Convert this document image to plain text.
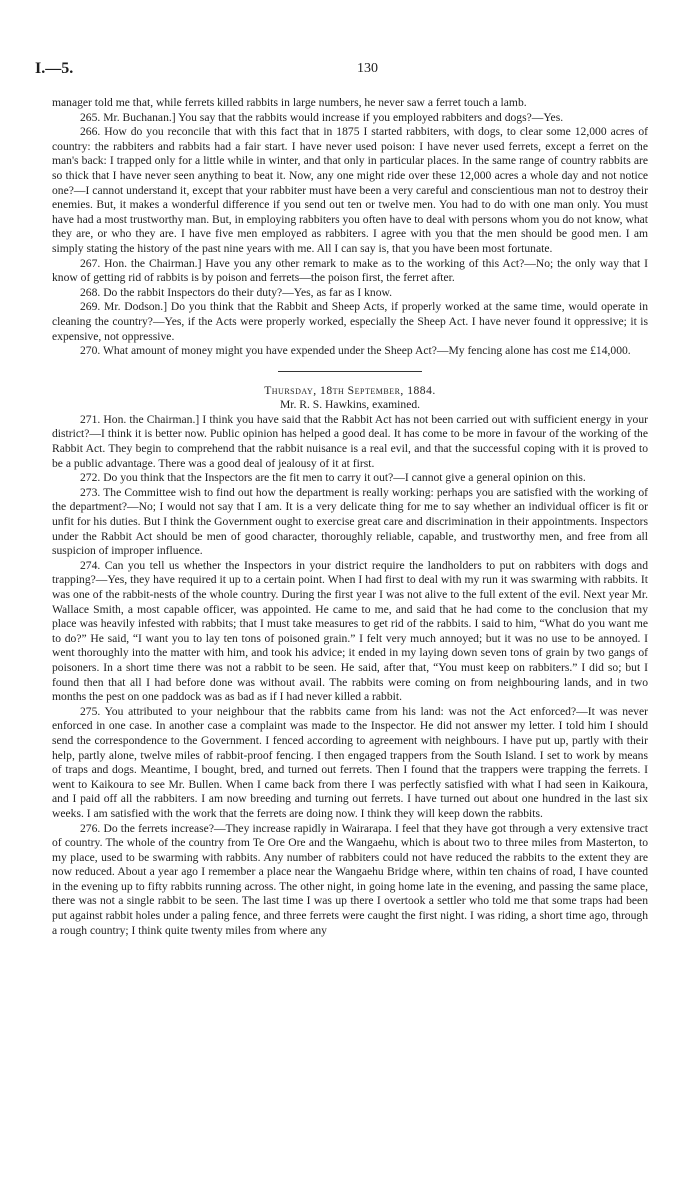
I.—5.	130

manager told me that, while ferrets killed rabbits in large numbers, he never saw a ferret touch a lamb.

265. Mr. Buchanan.] You say that the rabbits would increase if you employed rabbiters and dogs?—Yes.

266. How do you reconcile that with this fact that in 1875 I started rabbiters, with dogs, to clear some 12,000 acres of country: the rabbiters and rabbits had a fair start. I have never used poison: I have never used ferrets, except a ferret on the man's back: I trapped only for a little while in winter, and that only in particular places. In the same range of country rabbits are so thick that I have never seen anything to beat it. Now, any one might ride over these 12,000 acres a whole day and not notice one?—I cannot understand it, except that your rabbiter must have been a very careful and conscientious man not to destroy their enemies. But, it makes a wonderful difference if you send out ten or twelve men. You had to do with one man only. You must have had a most trustworthy man. But, in employing rabbiters you often have to deal with persons whom you do not know, what they are, or who they are. I have five men employed as rabbiters. I agree with you that the men should be good men. I am simply stating the history of the past nine years with me. All I can say is, that you have been most fortunate.

267. Hon. the Chairman.] Have you any other remark to make as to the working of this Act?—No; the only way that I know of getting rid of rabbits is by poison and ferrets—the poison first, the ferret after.

268. Do the rabbit Inspectors do their duty?—Yes, as far as I know.

269. Mr. Dodson.] Do you think that the Rabbit and Sheep Acts, if properly worked at the same time, would operate in cleaning the country?—Yes, if the Acts were properly worked, especially the Sheep Act. I have never found it oppressive; it is expensive, not oppressive.

270. What amount of money might you have expended under the Sheep Act?—My fencing alone has cost me £14,000.

Thursday, 18th September, 1884.

Mr. R. S. Hawkins, examined.

271. Hon. the Chairman.] I think you have said that the Rabbit Act has not been carried out with sufficient energy in your district?—I think it is better now. Public opinion has helped a good deal. It has come to be more in favour of the working of the Rabbit Act. They begin to comprehend that the rabbit nuisance is a real evil, and that the successful coping with it is proved to be a public advantage. There was a good deal of jealousy of it at first.

272. Do you think that the Inspectors are the fit men to carry it out?—I cannot give a general opinion on this.

273. The Committee wish to find out how the department is really working: perhaps you are satisfied with the working of the department?—No; I would not say that I am. It is a very delicate thing for me to say whether an individual officer is fit or unfit for his duties. But I think the Government ought to exercise great care and discrimination in their appointments. Inspectors under the Rabbit Act should be men of good character, thoroughly reliable, capable, and trustworthy men, and free from all suspicion of improper influence.

274. Can you tell us whether the Inspectors in your district require the landholders to put on rabbiters with dogs and trapping?—Yes, they have required it up to a certain point. When I had first to deal with my run it was swarming with rabbits. It was one of the rabbit-nests of the whole country. During the first year I was not alive to the full extent of the evil. Next year Mr. Wallace Smith, a most capable officer, was appointed. He came to me, and said that he had come to the conclusion that my place was heavily infested with rabbits; that I must take measures to get rid of the rabbits. I said to him, “What do you want me to do?” He said, “I want you to lay ten tons of poisoned grain.” I felt very much annoyed; but it was no use to be annoyed. I went thoroughly into the matter with him, and took his advice; it ended in my laying down seven tons of grain by two gangs of poisoners. In a short time there was not a rabbit to be seen. He said, after that, “You must keep on rabbiters.” I did so; but I found then that all I had before done was without avail. The rabbits were coming on from neighbouring lands, and in two months the pest on one paddock was as bad as if I had never killed a rabbit.

275. You attributed to your neighbour that the rabbits came from his land: was not the Act enforced?—It was never enforced in one case. In another case a complaint was made to the Inspector. He did not answer my letter. I told him I should send the correspondence to the Government. I fenced according to agreement with neighbours. I have put up, partly with their help, partly alone, twelve miles of rabbit-proof fencing. I then engaged trappers from the South Island. I set to work by means of traps and dogs. Meantime, I bought, bred, and turned out ferrets. Then I found that the trappers were trapping the ferrets. I went to Kaikoura to see Mr. Bullen. When I came back from there I was perfectly satisfied with what I had seen in Kaikoura, and I paid off all the rabbiters. I am now breeding and turning out ferrets. I have turned out about one hundred in the last six weeks. I am satisfied with the work that the ferrets are doing now. I think they will keep down the rabbits.

276. Do the ferrets increase?—They increase rapidly in Wairarapa. I feel that they have got through a very extensive tract of country. The whole of the country from Te Ore Ore and the Wangaehu, which is about two to three miles from Masterton, to my place, used to be swarming with rabbits. Any number of rabbiters could not have reduced the rabbits to the extent they are now reduced. About a year ago I remember a place near the Wangaehu Bridge where, within ten chains of road, I have counted in the evening up to fifty rabbits running across. The other night, in going home late in the evening, and passing the same place, there was not a single rabbit to be seen. The last time I was up there I overtook a settler who told me that some traps had been put against rabbit holes under a paling fence, and three ferrets were caught the first night. I was riding, a short time ago, through a rough country; I think quite twenty miles from where any
